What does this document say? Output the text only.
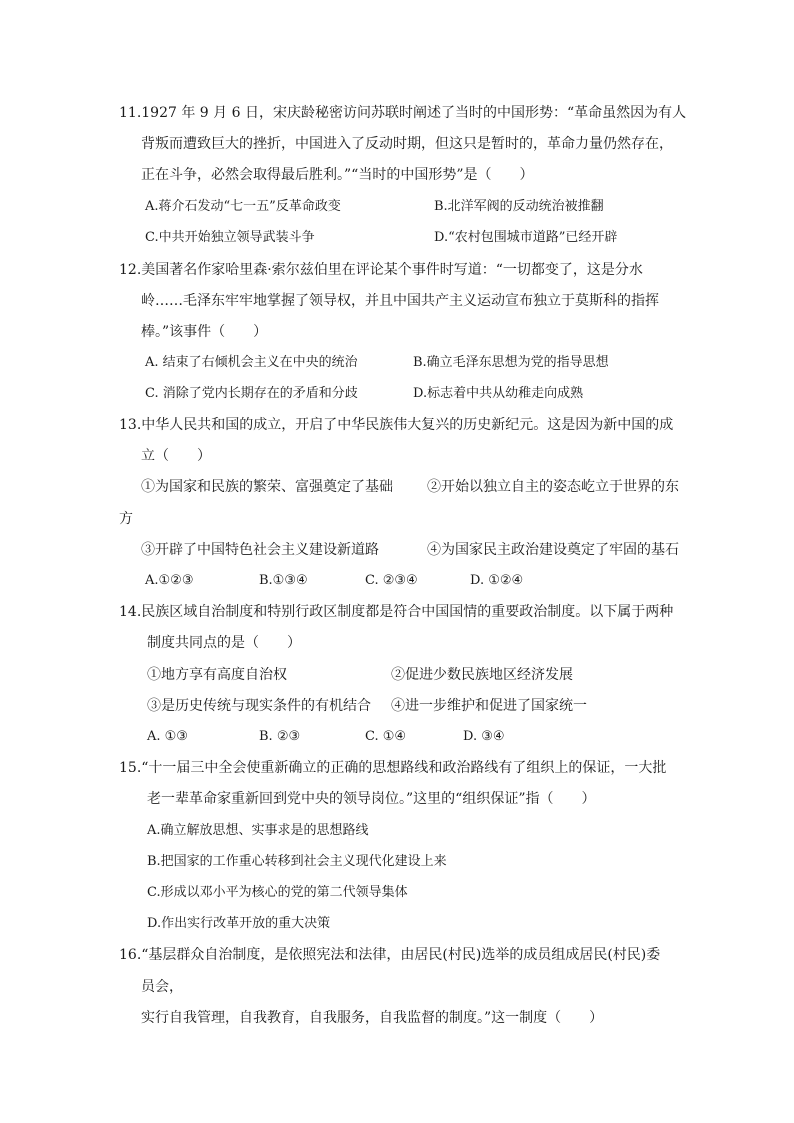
11.1927 年 9 月 6 日，宋庆龄秘密访问苏联时阐述了当时的中国形势：“革命虽然因为有人
背叛而遭致巨大的挫折，中国进入了反动时期，但这只是暂时的，革命力量仍然存在，
正在斗争，必然会取得最后胜利。”“当时的中国形势”是（　　）
A.蒋介石发动“七一五”反革命政变	B.北洋军阀的反动统治被推翻
C.中共开始独立领导武装斗争	D.“农村包围城市道路”已经开辟
12.美国著名作家哈里森·索尔兹伯里在评论某个事件时写道：“一切都变了，这是分水
岭……毛泽东牢牢地掌握了领导权，并且中国共产主义运动宣布独立于莫斯科的指挥
棒。”该事件（　　）
A. 结束了右倾机会主义在中央的统治	B.确立毛泽东思想为党的指导思想
C. 消除了党内长期存在的矛盾和分歧	D.标志着中共从幼稚走向成熟
13.中华人民共和国的成立，开启了中华民族伟大复兴的历史新纪元。这是因为新中国的成
立（　　）
①为国家和民族的繁荣、富强奠定了基础 ②开始以独立自主的姿态屹立于世界的东
方
③开辟了中国特色社会主义建设新道路	④为国家民主政治建设奠定了牢固的基石
A.①②③	B.①③④	C. ②③④	D. ①②④
14.民族区域自治制度和特别行政区制度都是符合中国国情的重要政治制度。以下属于两种
制度共同点的是（　　）
①地方享有高度自治权	②促进少数民族地区经济发展
③是历史传统与现实条件的有机结合 ④进一步维护和促进了国家统一
A. ①③	B. ②③	C. ①④	D. ③④
15.“十一届三中全会使重新确立的正确的思想路线和政治路线有了组织上的保证，一大批
老一辈革命家重新回到党中央的领导岗位。”这里的“组织保证”指（　　）
A.确立解放思想、实事求是的思想路线
B.把国家的工作重心转移到社会主义现代化建设上来
C.形成以邓小平为核心的党的第二代领导集体
D.作出实行改革开放的重大决策
16.“基层群众自治制度，是依照宪法和法律，由居民(村民)选举的成员组成居民(村民)委
员会，
实行自我管理，自我教育，自我服务，自我监督的制度。”这一制度（　　）
